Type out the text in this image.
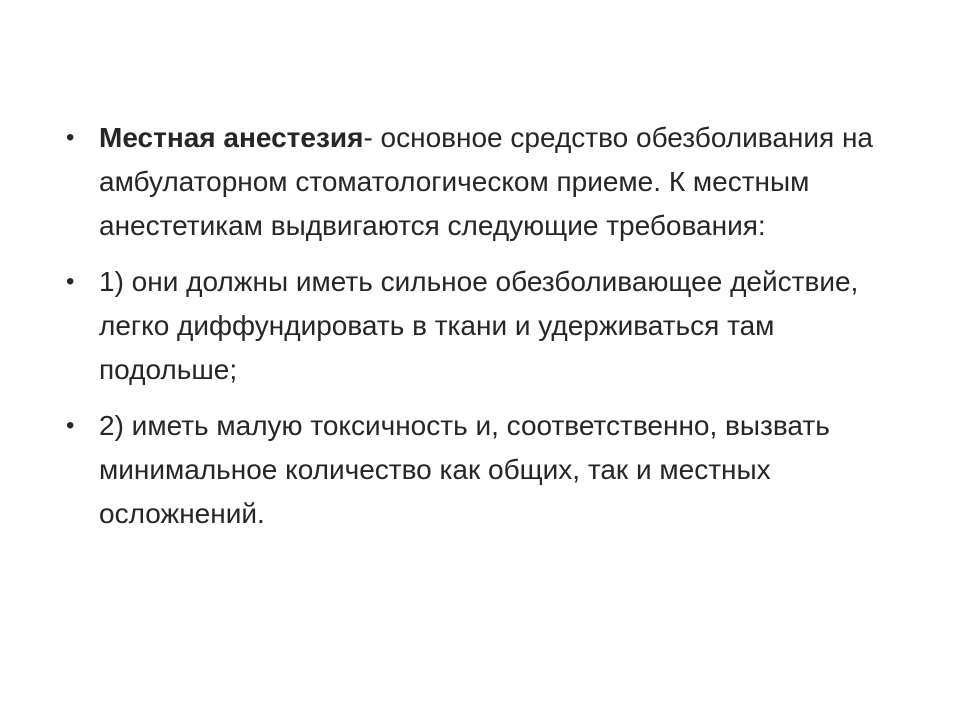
• Местная анестезия- основное средство обезболивания на амбулаторном стоматологическом приеме. К местным анестетикам выдвигаются следующие требования:
• 1) они должны иметь сильное обезболивающее действие, легко диффундировать в ткани и удерживаться там подольше;
• 2) иметь малую токсичность и, соответственно, вызвать минимальное количество как общих, так и местных осложнений.
